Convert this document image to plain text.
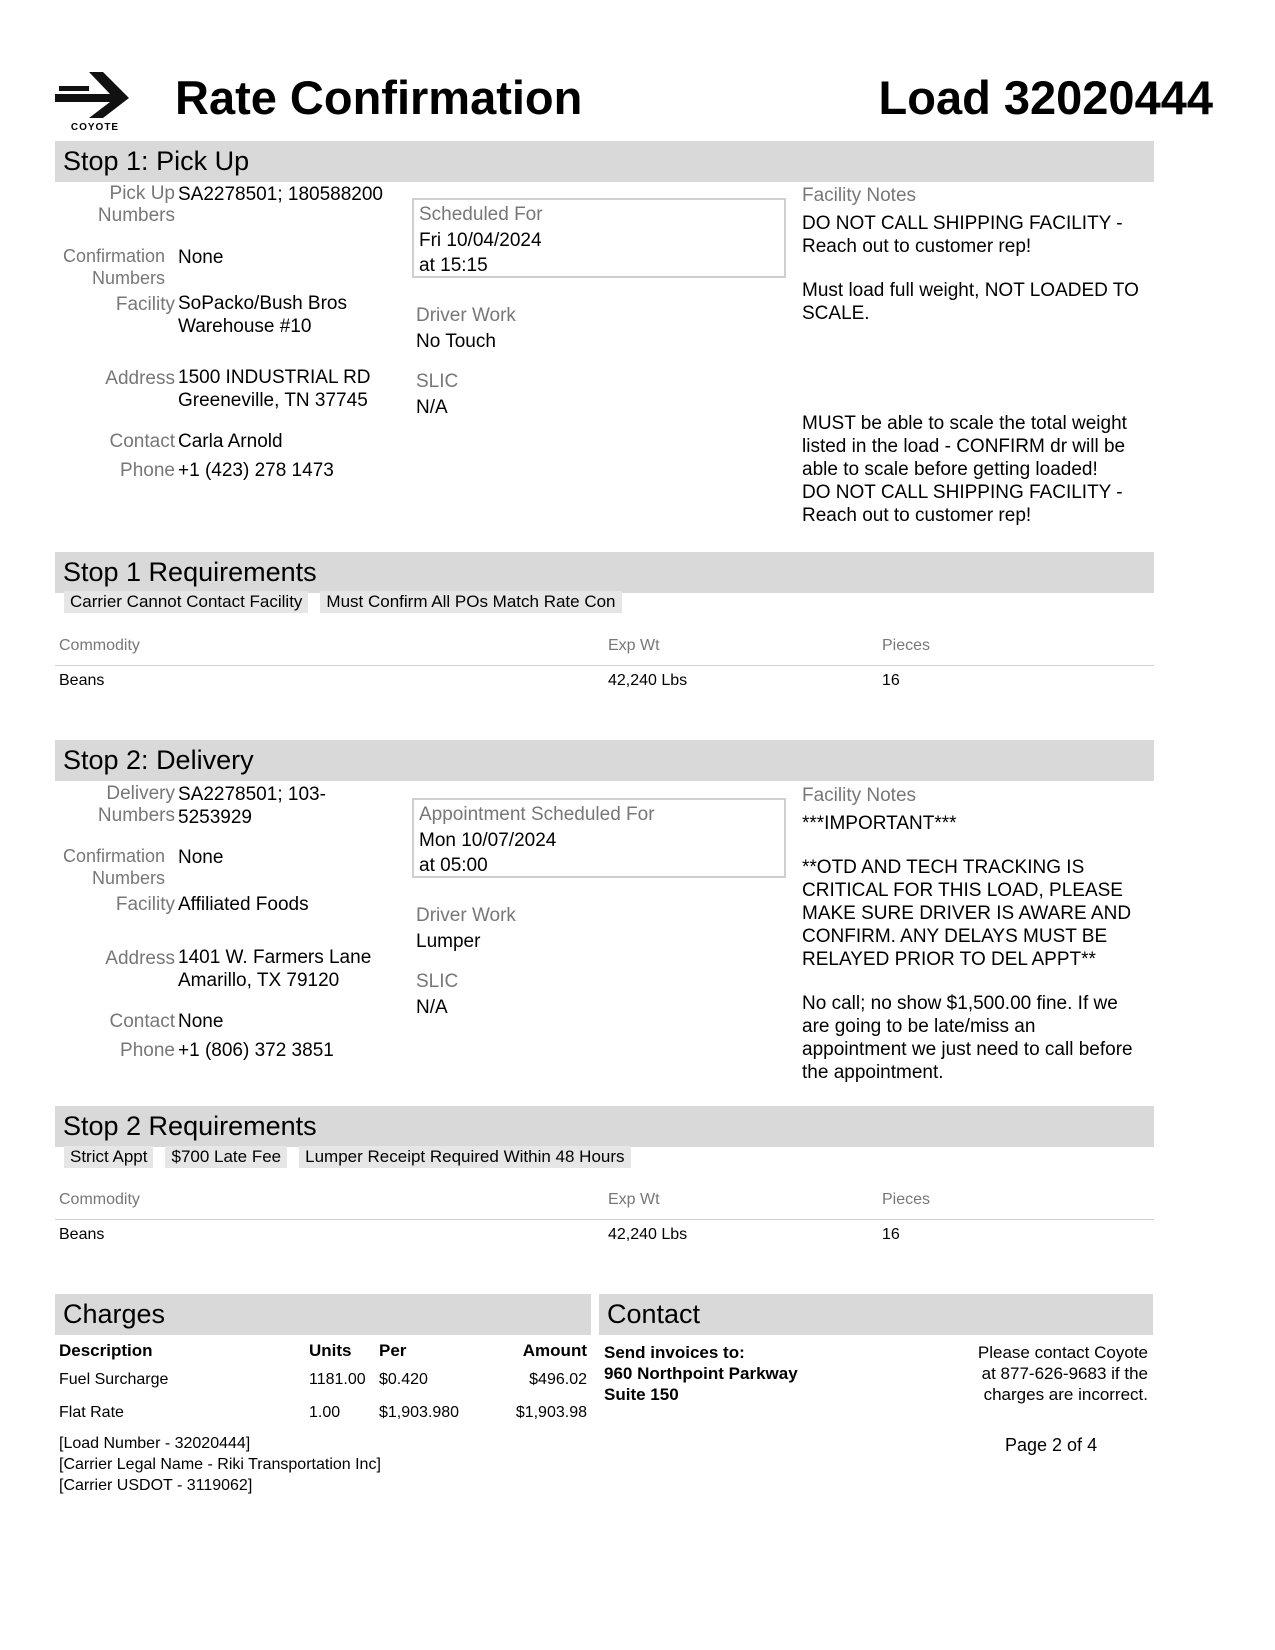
COYOTE
Rate Confirmation	Load 32020444
Stop 1: Pick Up
Pick Up
Numbers
SA2278501; 180588200
Confirmation
Numbers
None
Facility SoPacko/Bush Bros
Warehouse #10
Address 1500 INDUSTRIAL RD
Greeneville, TN 37745
Contact Carla Arnold
Phone +1 (423) 278 1473
Scheduled For
Fri 10/04/2024
at 15:15
Driver Work
No Touch
SLIC
N/A
Facility Notes
DO NOT CALL SHIPPING FACILITY -
Reach out to customer rep!
Must load full weight, NOT LOADED TO
SCALE.
MUST be able to scale the total weight
listed in the load - CONFIRM dr will be
able to scale before getting loaded!
DO NOT CALL SHIPPING FACILITY -
Reach out to customer rep!
Stop 1 Requirements
Carrier Cannot Contact Facility Must Confirm All POs Match Rate Con
Commodity	Exp Wt	Pieces
Beans	42,240 Lbs	16
Stop 2: Delivery
Delivery
Numbers
SA2278501; 103-
5253929
Confirmation
Numbers
None
Facility Affiliated Foods
Address 1401 W. Farmers Lane
Amarillo, TX 79120
Contact None
Phone +1 (806) 372 3851
Appointment Scheduled For
Mon 10/07/2024
at 05:00
Driver Work
Lumper
SLIC
N/A
Facility Notes
***IMPORTANT***
**OTD AND TECH TRACKING IS
CRITICAL FOR THIS LOAD, PLEASE
MAKE SURE DRIVER IS AWARE AND
CONFIRM. ANY DELAYS MUST BE
RELAYED PRIOR TO DEL APPT**
No call; no show $1,500.00 fine. If we
are going to be late/miss an
appointment we just need to call before
the appointment.
Stop 2 Requirements
Strict Appt $700 Late Fee Lumper Receipt Required Within 48 Hours
Commodity	Exp Wt	Pieces
Beans	42,240 Lbs	16
Charges
Description	Units Per	Amount
Fuel Surcharge	1181.00 $0.420	$496.02
Flat Rate	1.00 $1,903.980	$1,903.98
Contact
Send invoices to:
960 Northpoint Parkway
Suite 150
Please contact Coyote
at 877-626-9683 if the
charges are incorrect.
[Load Number - 32020444]
[Carrier Legal Name - Riki Transportation Inc]
[Carrier USDOT - 3119062]
Page 2 of 4
